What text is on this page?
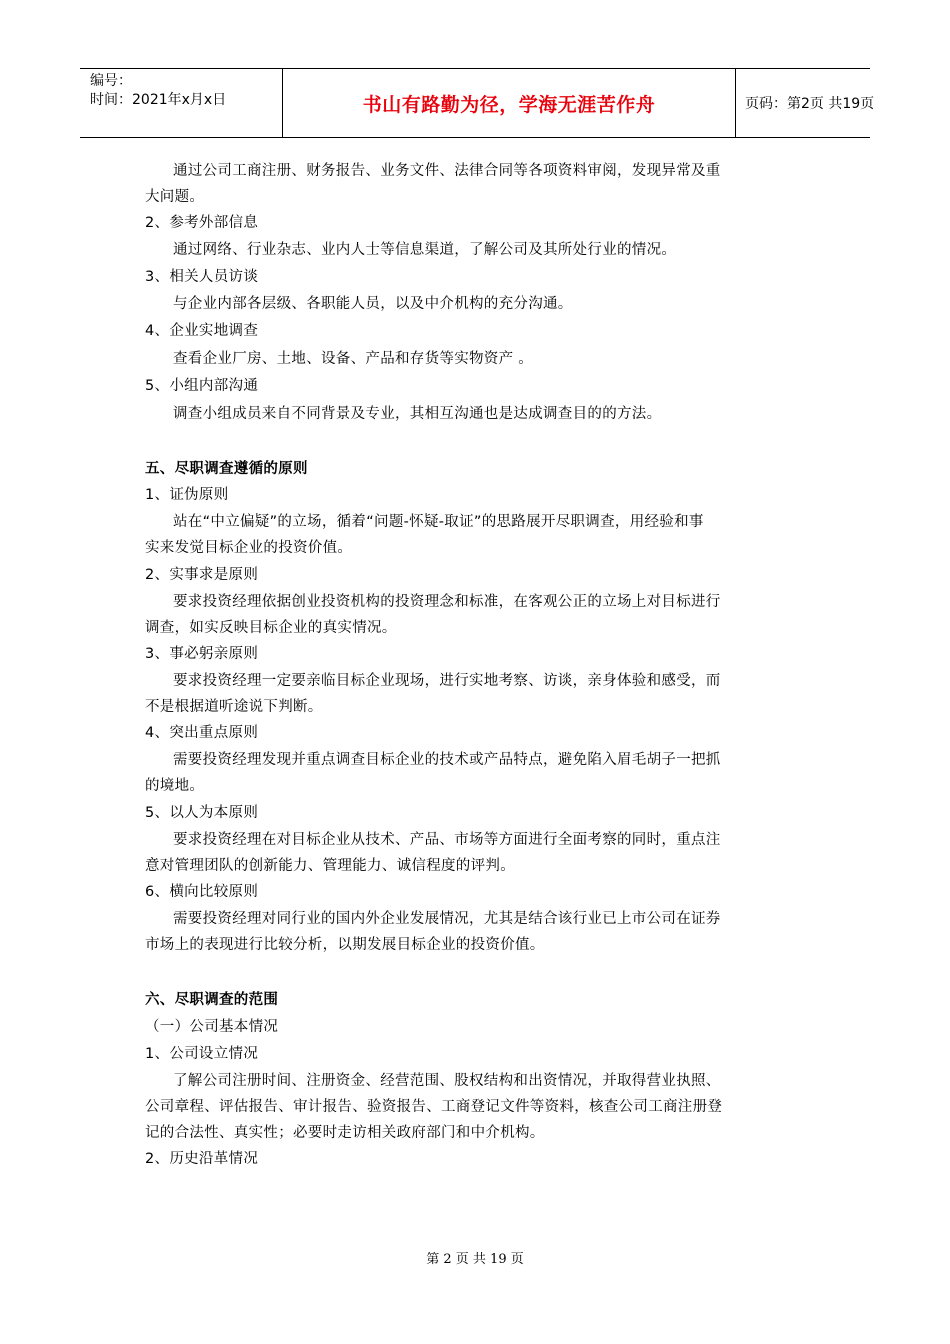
编号：
时间：2021年x月x日	书山有路勤为径，学海无涯苦作舟	页码：第2页 共19页
通过公司工商注册、财务报告、业务文件、法律合同等各项资料审阅，发现异常及重
大问题。
2、参考外部信息
通过网络、行业杂志、业内人士等信息渠道，了解公司及其所处行业的情况。
3、相关人员访谈
与企业内部各层级、各职能人员，以及中介机构的充分沟通。
4、企业实地调查
查看企业厂房、土地、设备、产品和存货等实物资产 。
5、小组内部沟通
调查小组成员来自不同背景及专业，其相互沟通也是达成调查目的的方法。
五、尽职调查遵循的原则
1、证伪原则
站在“中立偏疑”的立场，循着“问题-怀疑-取证”的思路展开尽职调查，用经验和事
实来发觉目标企业的投资价值。
2、实事求是原则
要求投资经理依据创业投资机构的投资理念和标准，在客观公正的立场上对目标进行
调查，如实反映目标企业的真实情况。
3、事必躬亲原则
要求投资经理一定要亲临目标企业现场，进行实地考察、访谈，亲身体验和感受，而
不是根据道听途说下判断。
4、突出重点原则
需要投资经理发现并重点调查目标企业的技术或产品特点，避免陷入眉毛胡子一把抓
的境地。
5、以人为本原则
要求投资经理在对目标企业从技术、产品、市场等方面进行全面考察的同时，重点注
意对管理团队的创新能力、管理能力、诚信程度的评判。
6、横向比较原则
需要投资经理对同行业的国内外企业发展情况，尤其是结合该行业已上市公司在证券
市场上的表现进行比较分析，以期发展目标企业的投资价值。
六、尽职调查的范围
（一）公司基本情况
1、公司设立情况
了解公司注册时间、注册资金、经营范围、股权结构和出资情况，并取得营业执照、
公司章程、评估报告、审计报告、验资报告、工商登记文件等资料，核查公司工商注册登
记的合法性、真实性；必要时走访相关政府部门和中介机构。
2、历史沿革情况
第 2 页 共 19 页
